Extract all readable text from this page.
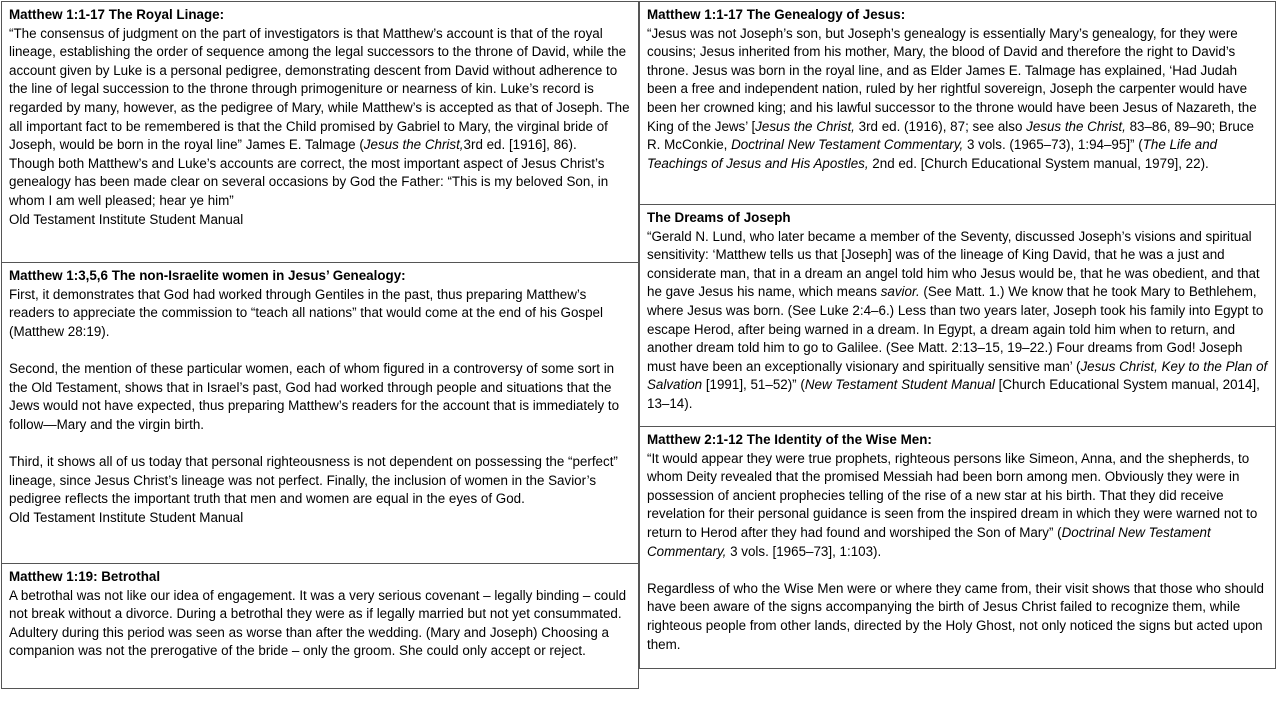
Matthew 1:1-17 The Royal Linage:

“The consensus of judgment on the part of investigators is that Matthew’s account is that of the royal lineage, establishing the order of sequence among the legal successors to the throne of David, while the account given by Luke is a personal pedigree, demonstrating descent from David without adherence to the line of legal succession to the throne through primogeniture or nearness of kin. Luke’s record is regarded by many, however, as the pedigree of Mary, while Matthew’s is accepted as that of Joseph. The all important fact to be remembered is that the Child promised by Gabriel to Mary, the virginal bride of Joseph, would be born in the royal line” James E. Talmage (Jesus the Christ,3rd ed. [1916], 86).

Though both Matthew’s and Luke’s accounts are correct, the most important aspect of Jesus Christ’s genealogy has been made clear on several occasions by God the Father: “This is my beloved Son, in whom I am well pleased; hear ye him”

Old Testament Institute Student Manual

Matthew 1:3,5,6 The non-Israelite women in Jesus’ Genealogy:

First, it demonstrates that God had worked through Gentiles in the past, thus preparing Matthew’s readers to appreciate the commission to “teach all nations” that would come at the end of his Gospel (Matthew 28:19).

Second, the mention of these particular women, each of whom figured in a controversy of some sort in the Old Testament, shows that in Israel’s past, God had worked through people and situations that the Jews would not have expected, thus preparing Matthew’s readers for the account that is immediately to follow—Mary and the virgin birth.

Third, it shows all of us today that personal righteousness is not dependent on possessing the “perfect” lineage, since Jesus Christ’s lineage was not perfect. Finally, the inclusion of women in the Savior’s pedigree reflects the important truth that men and women are equal in the eyes of God.

Old Testament Institute Student Manual

Matthew 1:19: Betrothal

A betrothal was not like our idea of engagement. It was a very serious covenant – legally binding – could not break without a divorce. During a betrothal they were as if legally married but not yet consummated. Adultery during this period was seen as worse than after the wedding. (Mary and Joseph) Choosing a companion was not the prerogative of the bride – only the groom. She could only accept or reject.

Matthew 1:1-17 The Genealogy of Jesus:

“Jesus was not Joseph’s son, but Joseph’s genealogy is essentially Mary’s genealogy, for they were cousins; Jesus inherited from his mother, Mary, the blood of David and therefore the right to David’s throne. Jesus was born in the royal line, and as Elder James E. Talmage has explained, ‘Had Judah been a free and independent nation, ruled by her rightful sovereign, Joseph the carpenter would have been her crowned king; and his lawful successor to the throne would have been Jesus of Nazareth, the King of the Jews’ [Jesus the Christ, 3rd ed. (1916), 87; see also Jesus the Christ, 83–86, 89–90; Bruce R. McConkie, Doctrinal New Testament Commentary, 3 vols. (1965–73), 1:94–95]” (The Life and Teachings of Jesus and His Apostles, 2nd ed. [Church Educational System manual, 1979], 22).

The Dreams of Joseph

“Gerald N. Lund, who later became a member of the Seventy, discussed Joseph’s visions and spiritual sensitivity: ‘Matthew tells us that [Joseph] was of the lineage of King David, that he was a just and considerate man, that in a dream an angel told him who Jesus would be, that he was obedient, and that he gave Jesus his name, which means savior. (See Matt. 1.) We know that he took Mary to Bethlehem, where Jesus was born. (See Luke 2:4–6.) Less than two years later, Joseph took his family into Egypt to escape Herod, after being warned in a dream. In Egypt, a dream again told him when to return, and another dream told him to go to Galilee. (See Matt. 2:13–15, 19–22.) Four dreams from God! Joseph must have been an exceptionally visionary and spiritually sensitive man’ (Jesus Christ, Key to the Plan of Salvation [1991], 51–52)” (New Testament Student Manual [Church Educational System manual, 2014], 13–14).

Matthew 2:1-12 The Identity of the Wise Men:

“It would appear they were true prophets, righteous persons like Simeon, Anna, and the shepherds, to whom Deity revealed that the promised Messiah had been born among men. Obviously they were in possession of ancient prophecies telling of the rise of a new star at his birth. That they did receive revelation for their personal guidance is seen from the inspired dream in which they were warned not to return to Herod after they had found and worshiped the Son of Mary” (Doctrinal New Testament Commentary, 3 vols. [1965–73], 1:103).

Regardless of who the Wise Men were or where they came from, their visit shows that those who should have been aware of the signs accompanying the birth of Jesus Christ failed to recognize them, while righteous people from other lands, directed by the Holy Ghost, not only noticed the signs but acted upon them.
